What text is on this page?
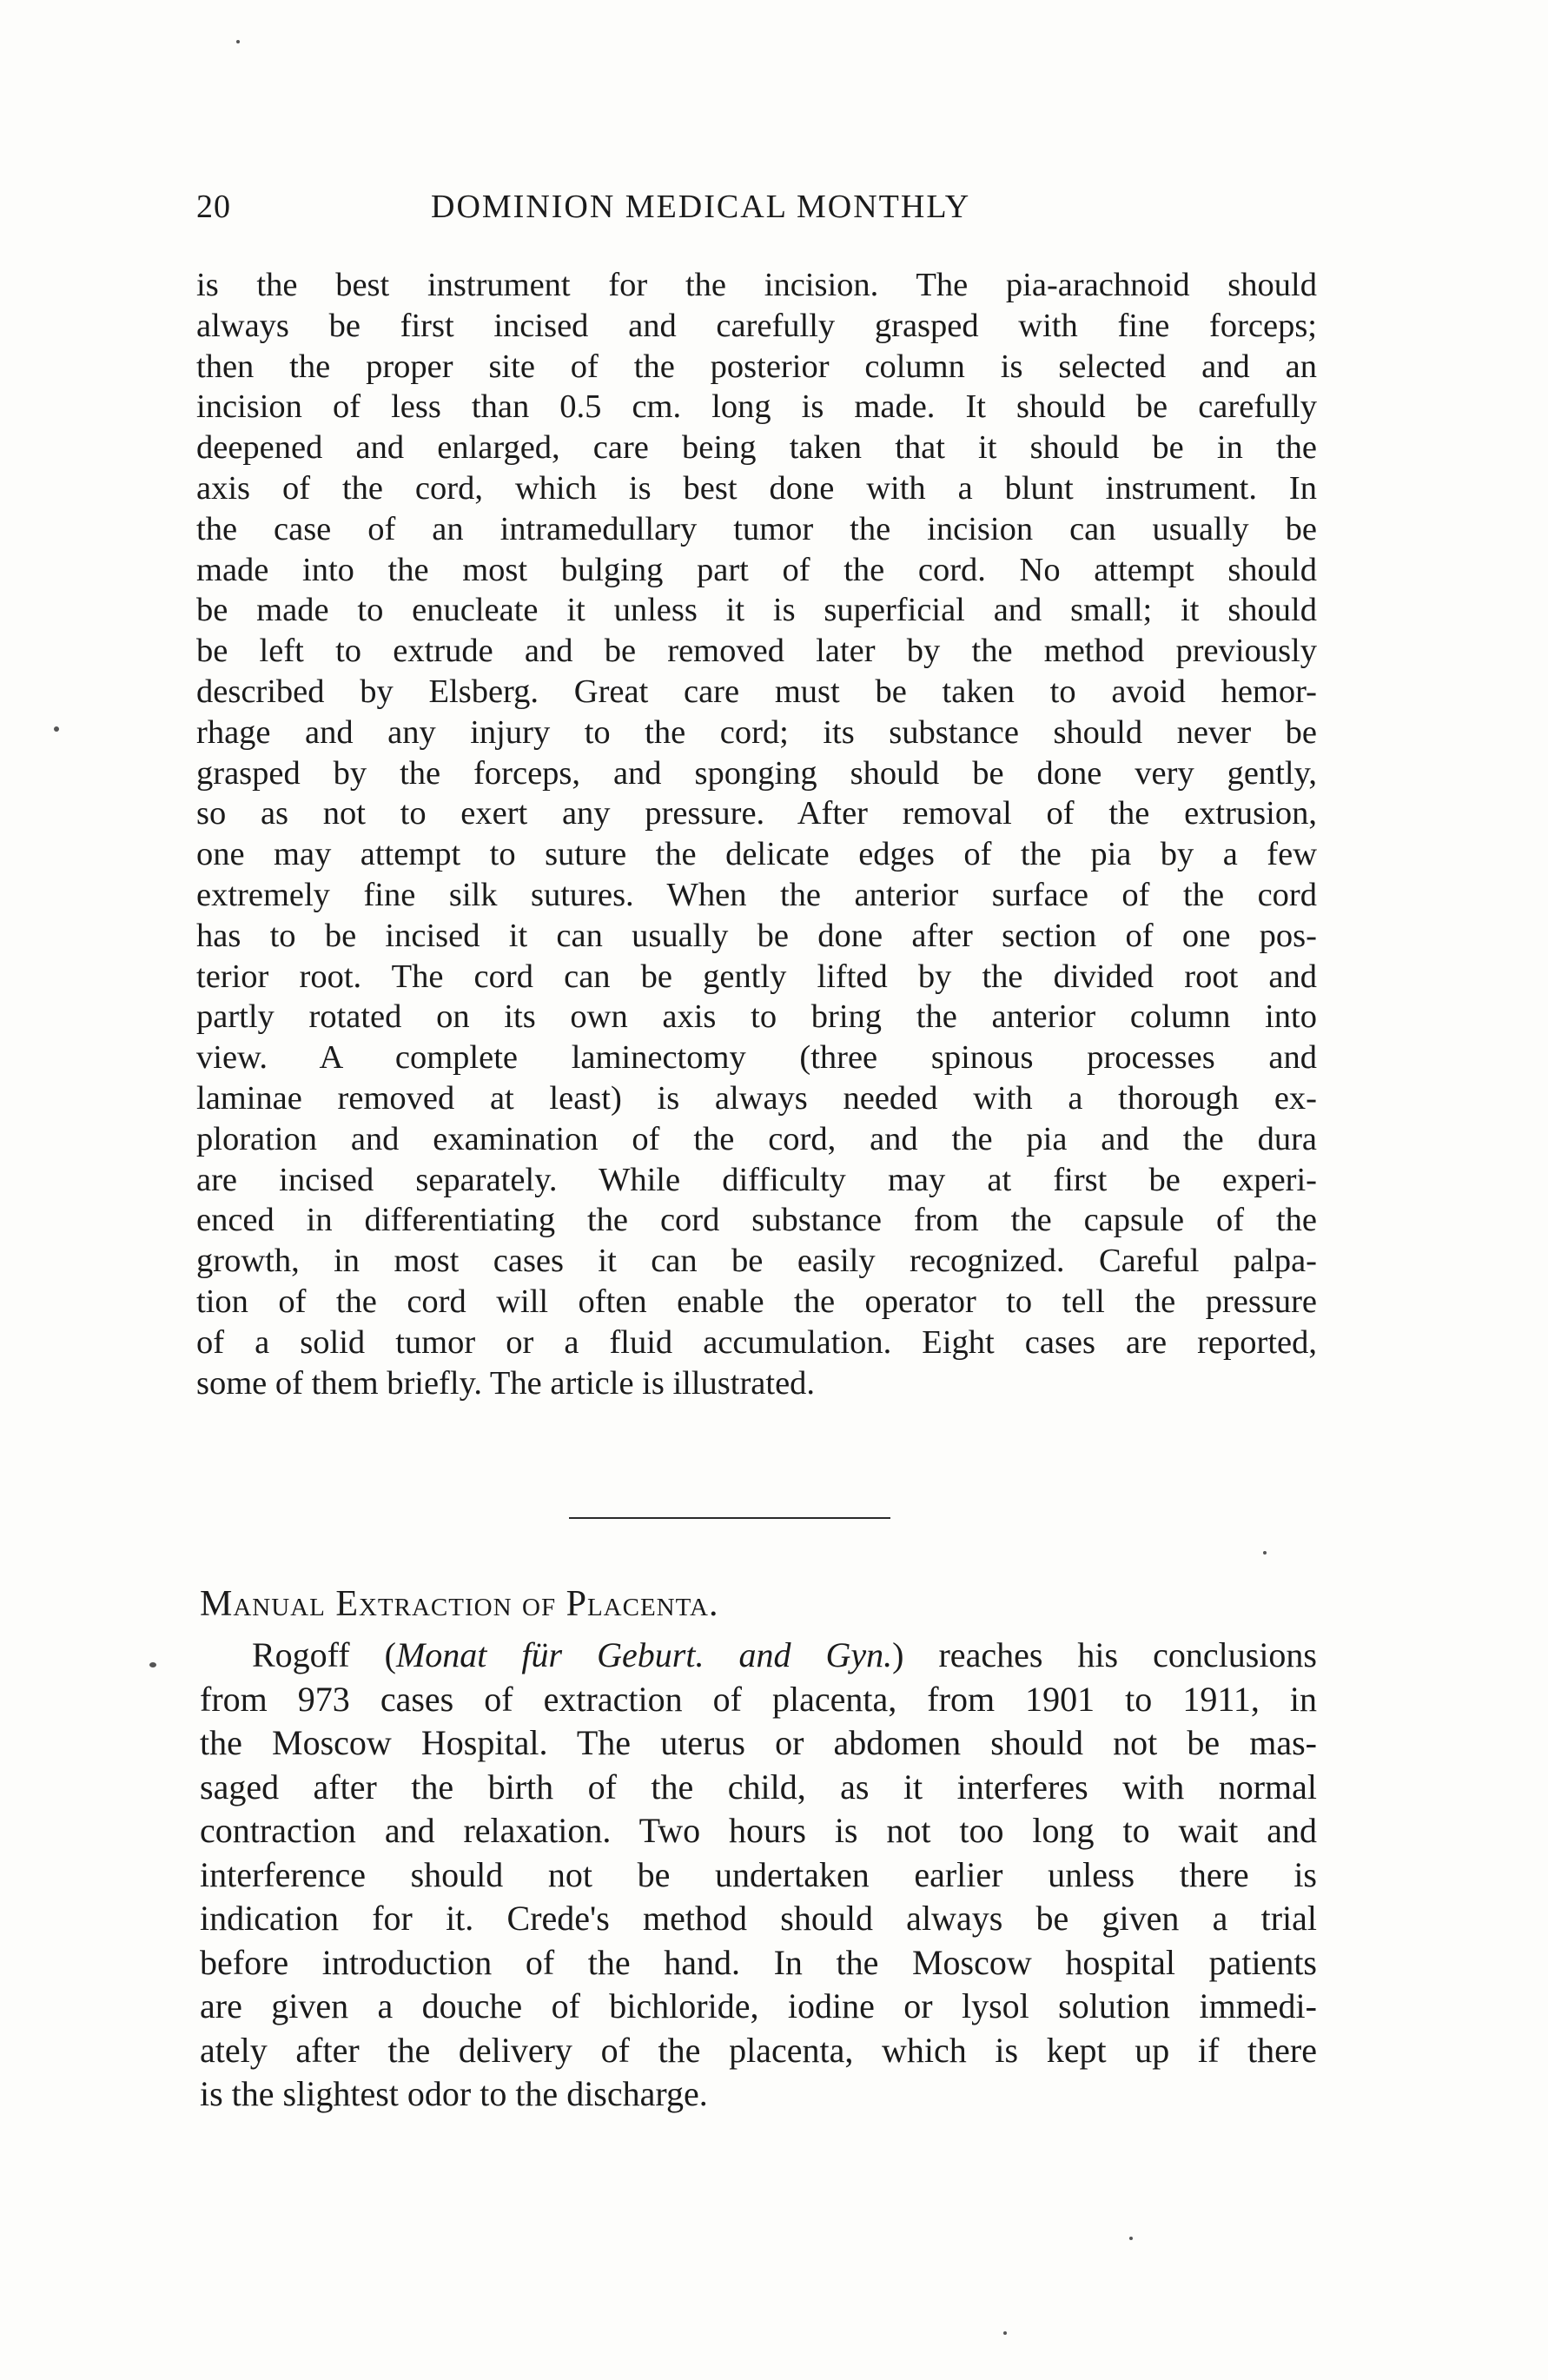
20	DOMINION MEDICAL MONTHLY
is the best instrument for the incision. The pia-arachnoid should
always be first incised and carefully grasped with fine forceps;
then the proper site of the posterior column is selected and an
incision of less than 0.5 cm. long is made. It should be carefully
deepened and enlarged, care being taken that it should be in the
axis of the cord, which is best done with a blunt instrument. In
the case of an intramedullary tumor the incision can usually be
made into the most bulging part of the cord. No attempt should
be made to enucleate it unless it is superficial and small; it should
be left to extrude and be removed later by the method previously
described by Elsberg. Great care must be taken to avoid hemor-
rhage and any injury to the cord; its substance should never be
grasped by the forceps, and sponging should be done very gently,
so as not to exert any pressure. After removal of the extrusion,
one may attempt to suture the delicate edges of the pia by a few
extremely fine silk sutures. When the anterior surface of the cord
has to be incised it can usually be done after section of one pos-
terior root. The cord can be gently lifted by the divided root and
partly rotated on its own axis to bring the anterior column into
view. A complete laminectomy (three spinous processes and
laminae removed at least) is always needed with a thorough ex-
ploration and examination of the cord, and the pia and the dura
are incised separately. While difficulty may at first be experi-
enced in differentiating the cord substance from the capsule of the
growth, in most cases it can be easily recognized. Careful palpa-
tion of the cord will often enable the operator to tell the pressure
of a solid tumor or a fluid accumulation. Eight cases are reported,
some of them briefly. The article is illustrated.
Manual Extraction of Placenta.
Rogoff (Monat für Geburt. and Gyn.) reaches his conclusions
from 973 cases of extraction of placenta, from 1901 to 1911, in
the Moscow Hospital. The uterus or abdomen should not be mas-
saged after the birth of the child, as it interferes with normal
contraction and relaxation. Two hours is not too long to wait and
interference should not be undertaken earlier unless there is
indication for it. Crede's method should always be given a trial
before introduction of the hand. In the Moscow hospital patients
are given a douche of bichloride, iodine or lysol solution immedi-
ately after the delivery of the placenta, which is kept up if there
is the slightest odor to the discharge.
